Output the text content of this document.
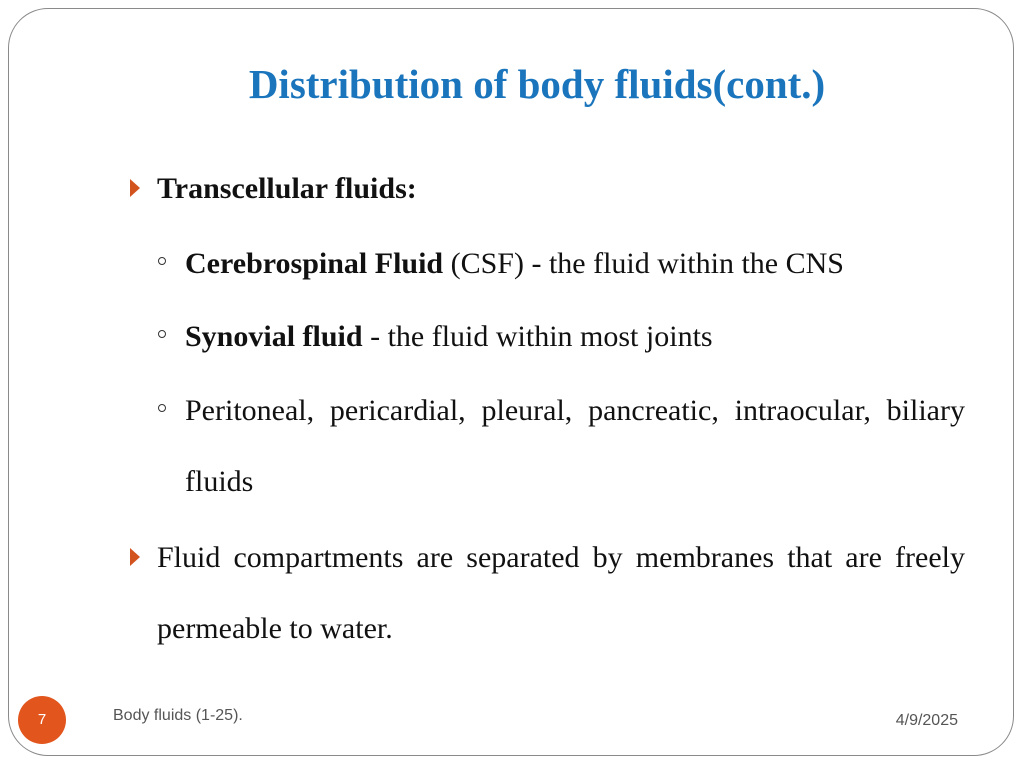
Distribution of body fluids(cont.)
Transcellular fluids:
Cerebrospinal Fluid (CSF) - the fluid within the CNS
Synovial fluid - the fluid within most joints
Peritoneal, pericardial, pleural, pancreatic, intraocular, biliary fluids
Fluid compartments are separated by membranes that are freely permeable to water.
7	Body fluids (1-25).	4/9/2025
